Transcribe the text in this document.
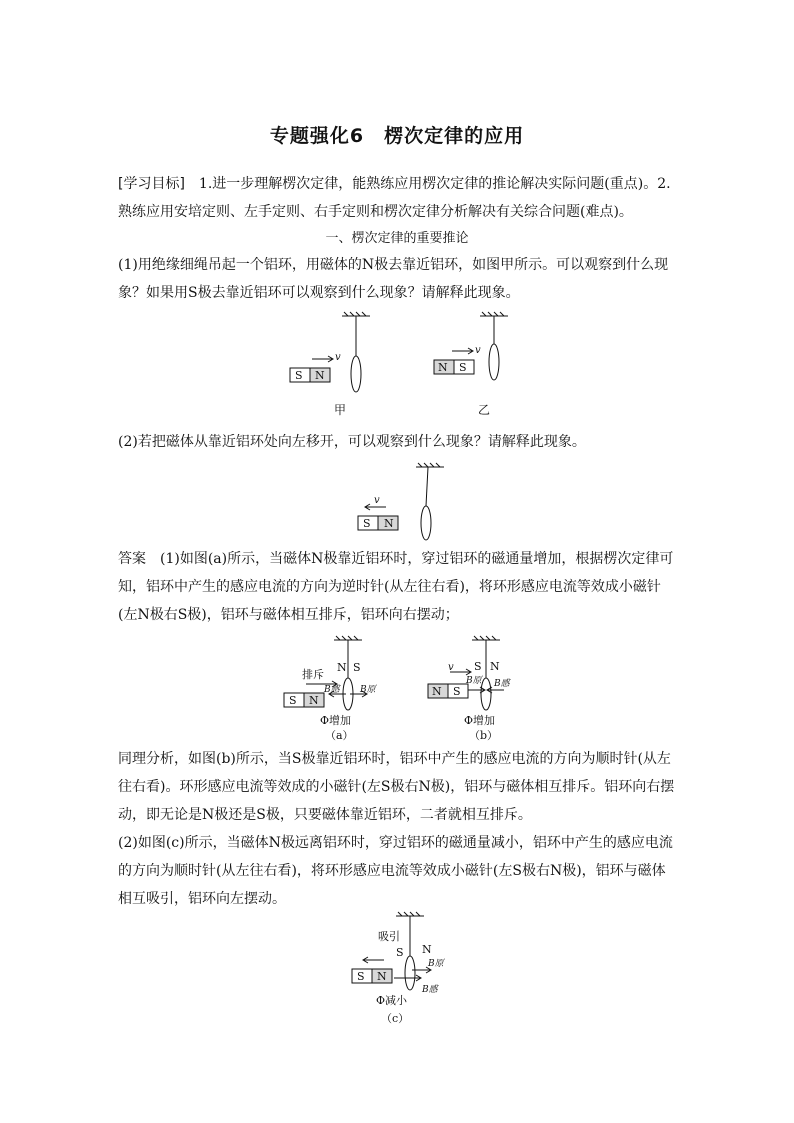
专题强化6　楞次定律的应用

[学习目标]　1.进一步理解楞次定律，能熟练应用楞次定律的推论解决实际问题(重点)。2.熟练应用安培定则、左手定则、右手定则和楞次定律分析解决有关综合问题(难点)。

一、楞次定律的重要推论

(1)用绝缘细绳吊起一个铝环，用磁体的N极去靠近铝环，如图甲所示。可以观察到什么现象？如果用S极去靠近铝环可以观察到什么现象？请解释此现象。

v
S N
甲
v
N S
乙

(2)若把磁体从靠近铝环处向左移开，可以观察到什么现象？请解释此现象。

v
S N

答案　(1)如图(a)所示，当磁体N极靠近铝环时，穿过铝环的磁通量增加，根据楞次定律可知，铝环中产生的感应电流的方向为逆时针(从左往右看)，将环形感应电流等效成小磁针(左N极右S极)，铝环与磁体相互排斥，铝环向右摆动；

排斥
N S
B感 B原
S N
Φ增加
（a）
v S N
B原 B感
N S
Φ增加
（b）

同理分析，如图(b)所示，当S极靠近铝环时，铝环中产生的感应电流的方向为顺时针(从左往右看)。环形感应电流等效成的小磁针(左S极右N极)，铝环与磁体相互排斥。铝环向右摆动，即无论是N极还是S极，只要磁体靠近铝环，二者就相互排斥。

(2)如图(c)所示，当磁体N极远离铝环时，穿过铝环的磁通量减小，铝环中产生的感应电流的方向为顺时针(从左往右看)，将环形感应电流等效成小磁针(左S极右N极)，铝环与磁体相互吸引，铝环向左摆动。

吸引
S N
B原
B感
S N
Φ减小
（c）
